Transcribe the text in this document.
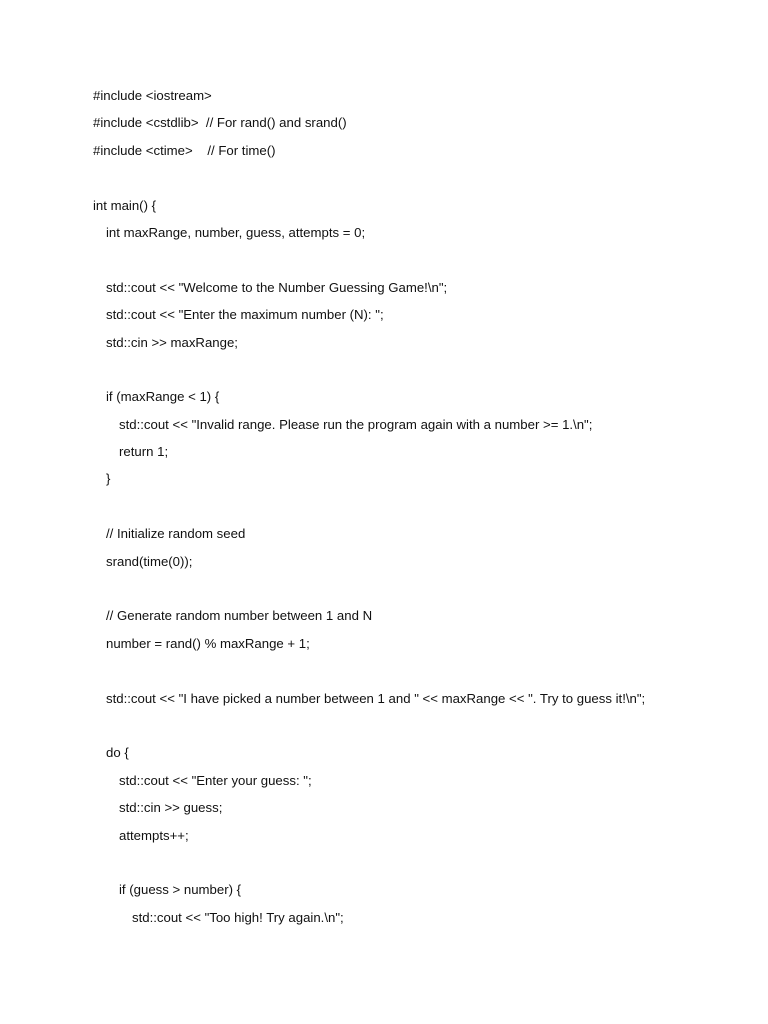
#include <iostream>
#include <cstdlib>  // For rand() and srand()
#include <ctime>    // For time()
int main() {
int maxRange, number, guess, attempts = 0;
std::cout << "Welcome to the Number Guessing Game!\n";
std::cout << "Enter the maximum number (N): ";
std::cin >> maxRange;
if (maxRange < 1) {
std::cout << "Invalid range. Please run the program again with a number >= 1.\n";
return 1;
}
// Initialize random seed
srand(time(0));
// Generate random number between 1 and N
number = rand() % maxRange + 1;
std::cout << "I have picked a number between 1 and " << maxRange << ". Try to guess it!\n";
do {
std::cout << "Enter your guess: ";
std::cin >> guess;
attempts++;
if (guess > number) {
std::cout << "Too high! Try again.\n";
